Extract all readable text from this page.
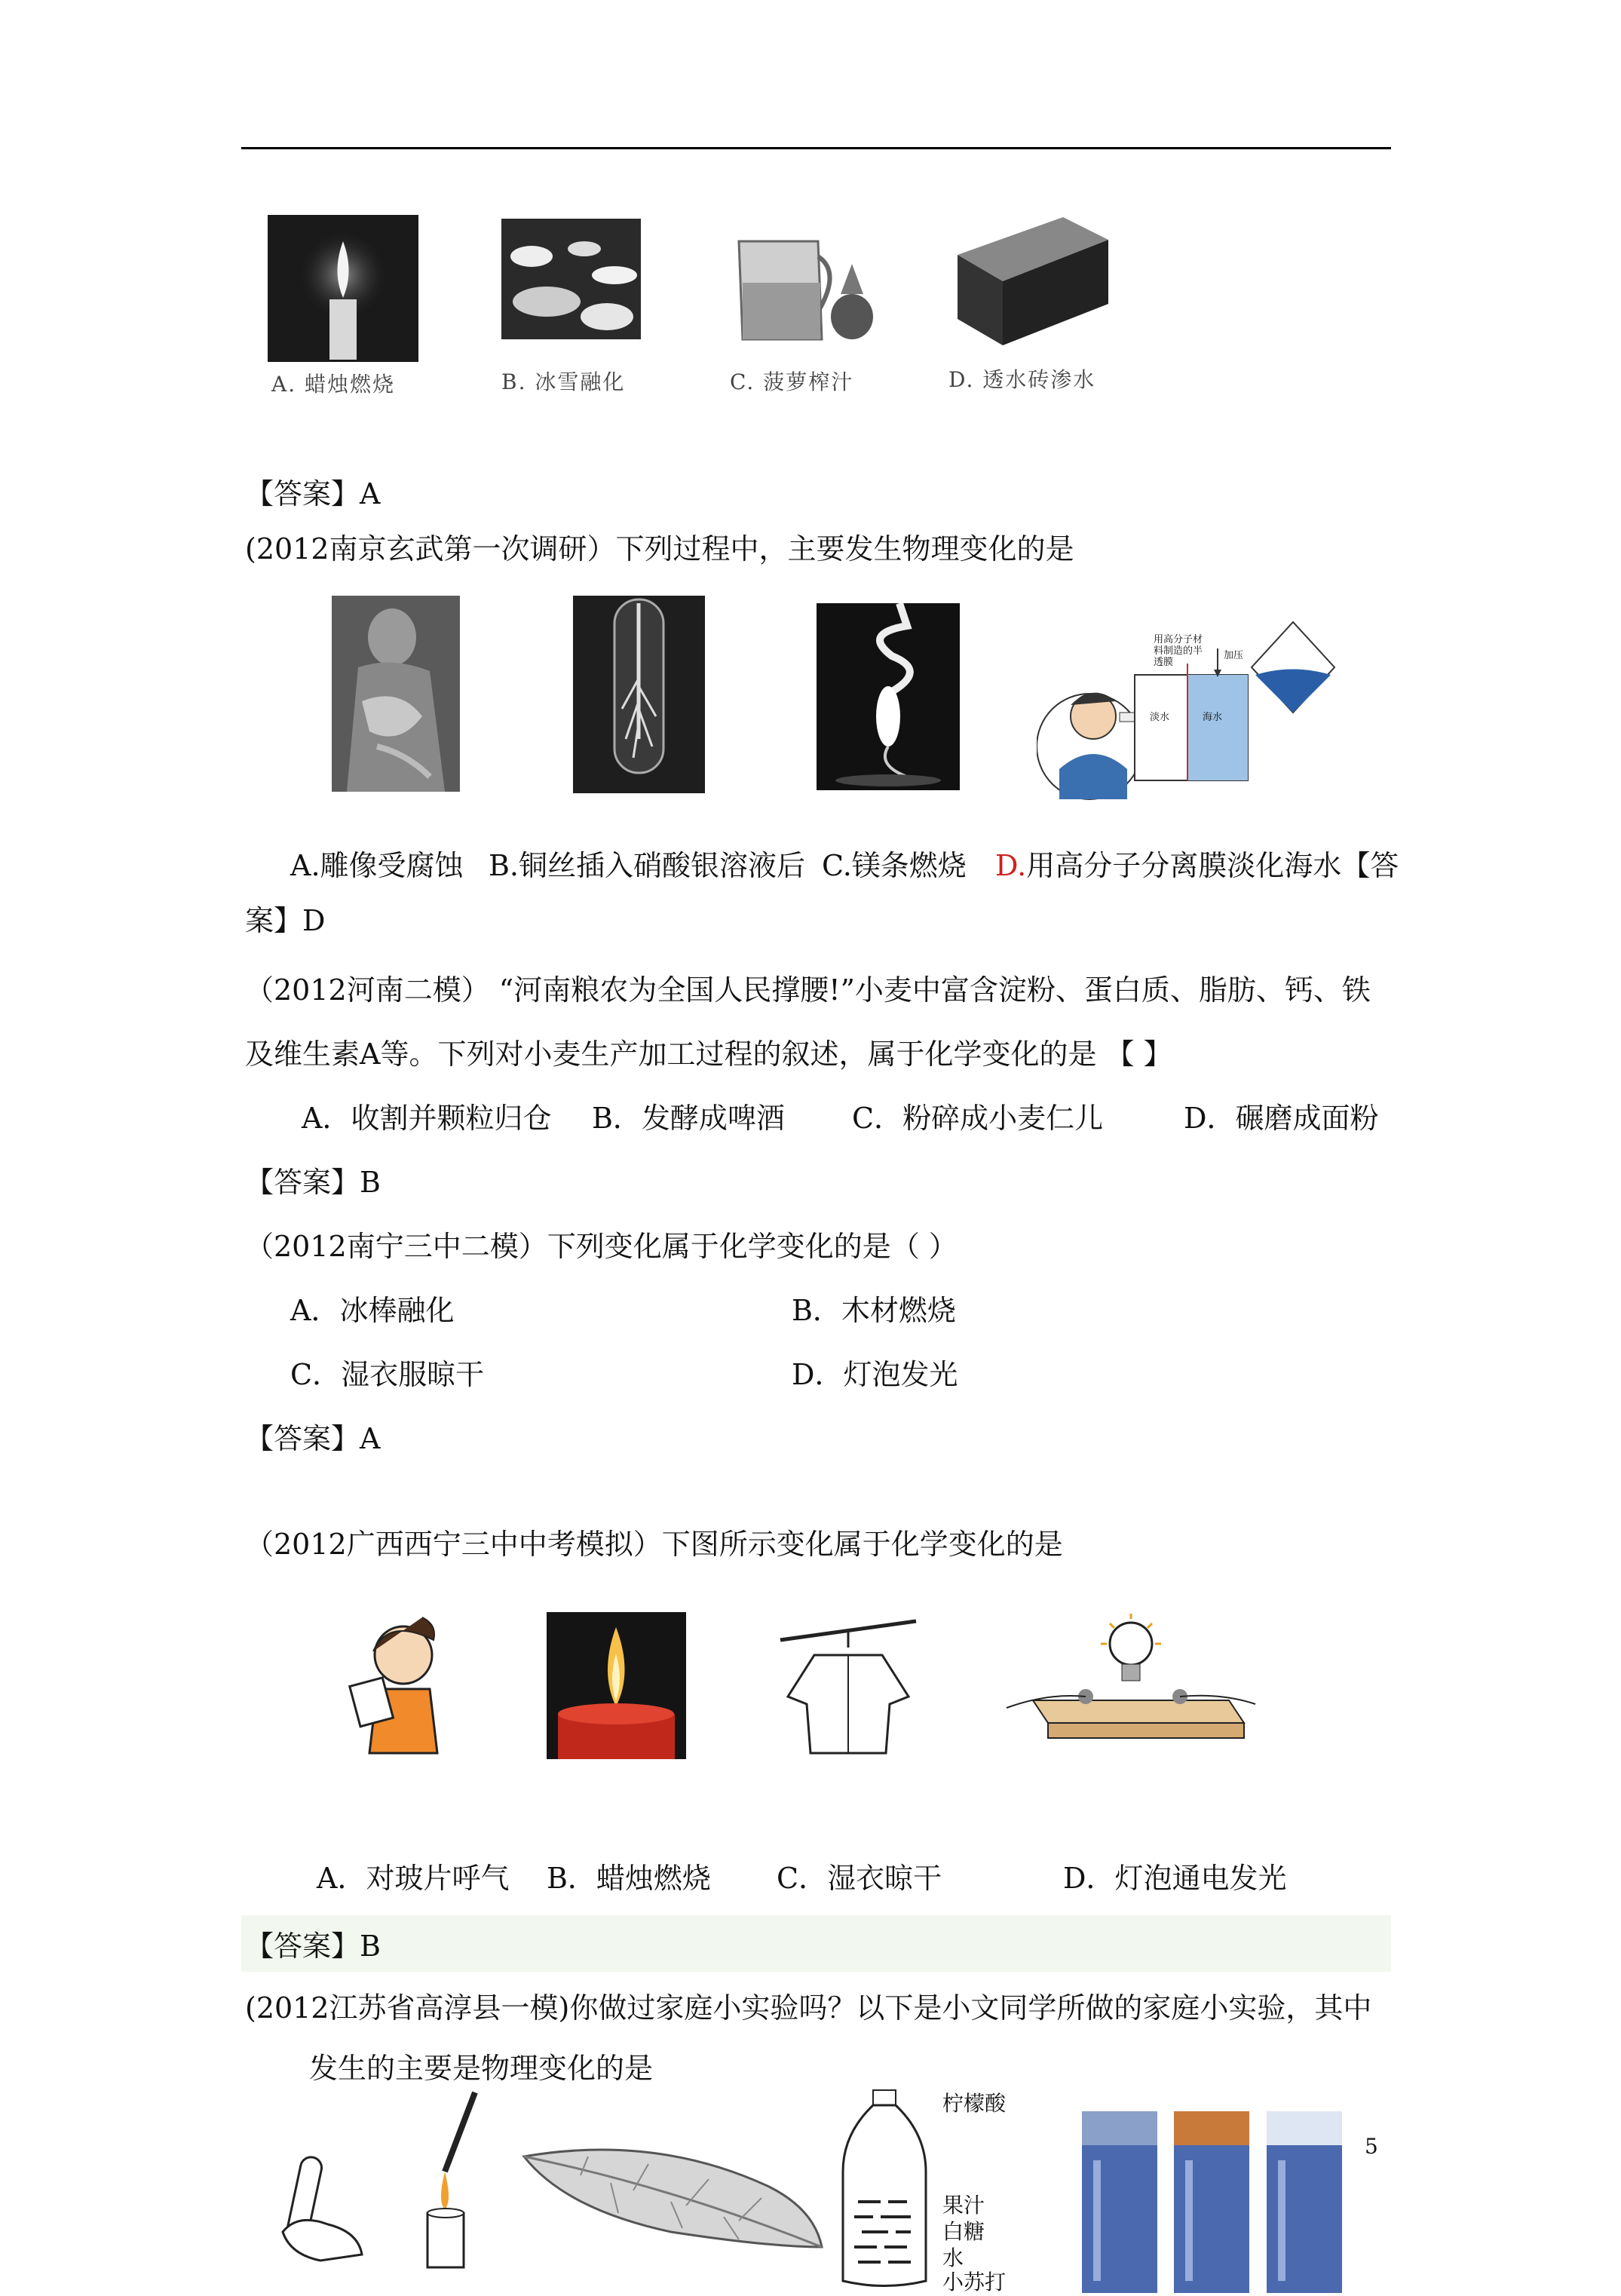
A. 蜡烛燃烧	B. 冰雪融化	C. 菠萝榨汁	D. 透水砖渗水
【答案】A
(2012南京玄武第一次调研）下列过程中，主要发生物理变化的是
用高分子材料制造的半透膜
加压
淡水	海水
A.雕像受腐蚀 B.铜丝插入硝酸银溶液后 C.镁条燃烧 D.用高分子分离膜淡化海水【答
案】D
（2012河南二模） “河南粮农为全国人民撑腰!”小麦中富含淀粉、蛋白质、脂肪、钙、铁
及维生素A等。下列对小麦生产加工过程的叙述，属于化学变化的是 【 】
A．收割并颗粒归仓 B．发酵成啤酒 C．粉碎成小麦仁儿	D．碾磨成面粉
【答案】B
（2012南宁三中二模）下列变化属于化学变化的是（ ）
A．冰棒融化	B．木材燃烧
C．湿衣服晾干	D．灯泡发光
【答案】A
（2012广西西宁三中中考模拟）下图所示变化属于化学变化的是
A．对玻片呼气 B．蜡烛燃烧 C．湿衣晾干	D．灯泡通电发光
【答案】B
(2012江苏省高淳县一模)你做过家庭小实验吗？以下是小文同学所做的家庭小实验，其中
发生的主要是物理变化的是
柠檬酸
果汁
白糖
水
小苏打
5
